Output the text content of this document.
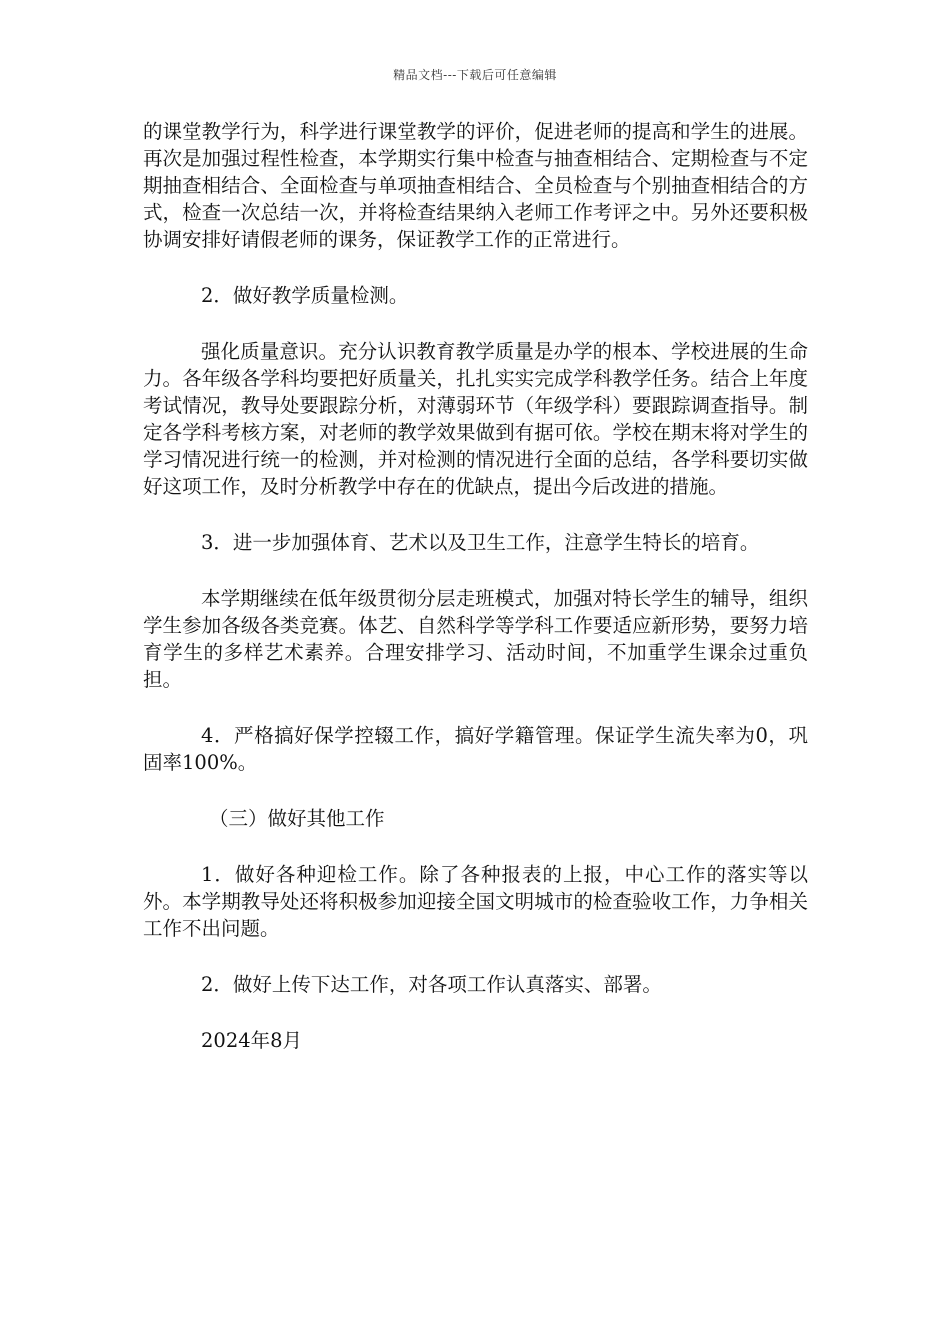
精品文档---下载后可任意编辑

的课堂教学行为，科学进行课堂教学的评价，促进老师的提高和学生的进展。再次是加强过程性检查，本学期实行集中检查与抽查相结合、定期检查与不定期抽查相结合、全面检查与单项抽查相结合、全员检查与个别抽查相结合的方式，检查一次总结一次，并将检查结果纳入老师工作考评之中。另外还要积极协调安排好请假老师的课务，保证教学工作的正常进行。

2．做好教学质量检测。

强化质量意识。充分认识教育教学质量是办学的根本、学校进展的生命力。各年级各学科均要把好质量关，扎扎实实完成学科教学任务。结合上年度考试情况，教导处要跟踪分析，对薄弱环节（年级学科）要跟踪调查指导。制定各学科考核方案，对老师的教学效果做到有据可依。学校在期末将对学生的学习情况进行统一的检测，并对检测的情况进行全面的总结，各学科要切实做好这项工作，及时分析教学中存在的优缺点，提出今后改进的措施。

3．进一步加强体育、艺术以及卫生工作，注意学生特长的培育。

本学期继续在低年级贯彻分层走班模式，加强对特长学生的辅导，组织学生参加各级各类竞赛。体艺、自然科学等学科工作要适应新形势，要努力培育学生的多样艺术素养。合理安排学习、活动时间，不加重学生课余过重负担。

4．严格搞好保学控辍工作，搞好学籍管理。保证学生流失率为0，巩固率100%。

（三）做好其他工作

1．做好各种迎检工作。除了各种报表的上报，中心工作的落实等以外。本学期教导处还将积极参加迎接全国文明城市的检查验收工作，力争相关工作不出问题。

2．做好上传下达工作，对各项工作认真落实、部署。

2024年8月
